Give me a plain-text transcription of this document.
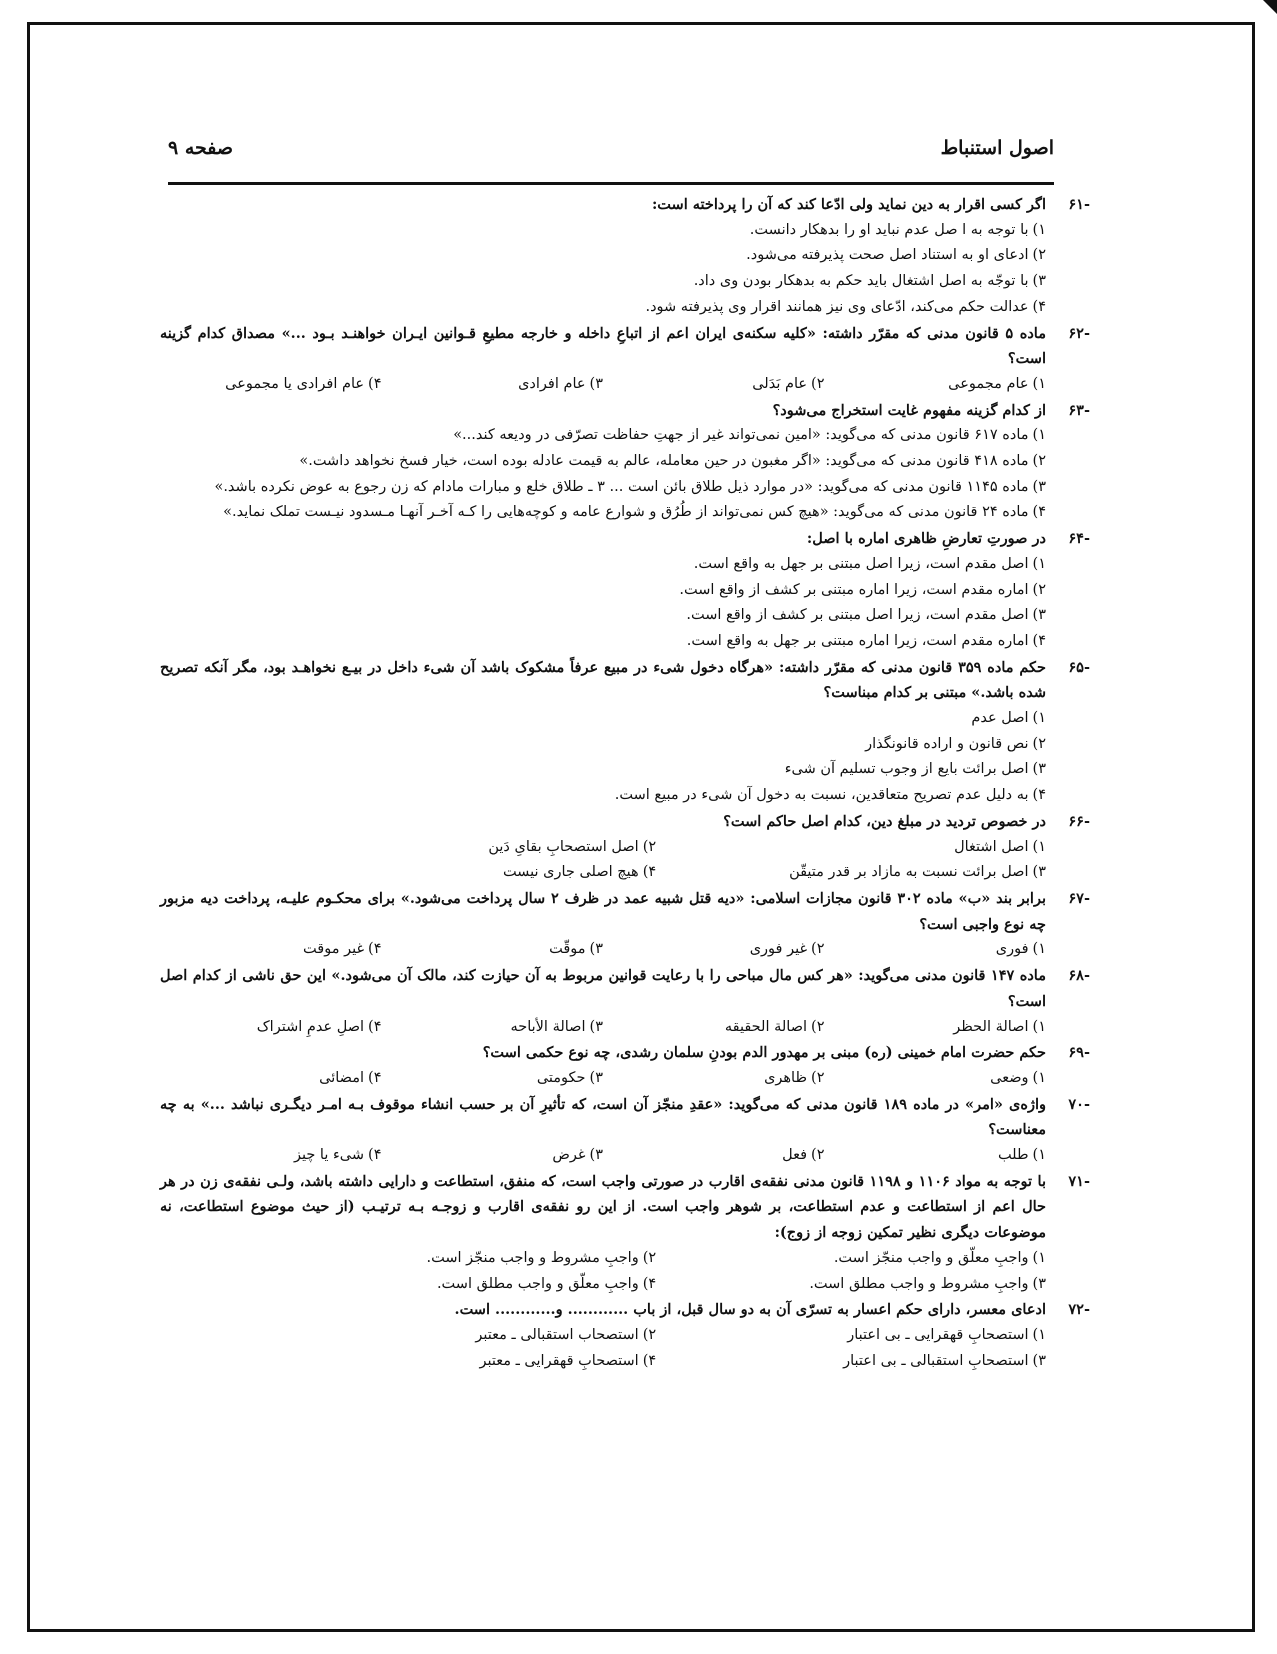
اصول استنباط
صفحه ۹
-۶۱
اگر کسی اقرار به دین نماید ولی ادّعا کند که آن را پرداخته است:
۱)با توجه به ا صل عدم نباید او را بدهکار دانست.
۲)ادعای او به استناد اصل صحت پذیرفته می‌شود.
۳)با توجّه به اصل اشتغال باید حکم به بدهکار بودن وی داد.
۴)عدالت حکم می‌کند، ادّعای وی نیز همانند اقرار وی پذیرفته شود.
-۶۲
ماده ۵ قانون مدنی که مقرّر داشته: «کلیه سکنه‌ی ایران اعم از اتباعِ داخله و خارجه مطیعِ قـوانین ایـران خواهنـد بـود ...» مصداق کدام گزینه است؟
۱)عام مجموعی
۲)عام بَدَلی
۳)عام افرادی
۴)عام افرادی یا مجموعی
-۶۳
از کدام گزینه مفهوم غایت استخراج می‌شود؟
۱)ماده ۶۱۷ قانون مدنی که می‌گوید: «امین نمی‌تواند غیر از جهتِ حفاظت تصرّفی در ودیعه کند...»
۲)ماده ۴۱۸ قانون مدنی که می‌گوید: «اگر مغبون در حین معامله، عالم به قیمت عادله بوده است، خیار فسخ نخواهد داشت.»
۳)ماده ۱۱۴۵ قانون مدنی که می‌گوید: «در موارد ذیل طلاق بائن است ... ۳ ـ طلاق خلع و مبارات مادام که زن رجوع به عوض نکرده باشد.»
۴)ماده ۲۴ قانون مدنی که می‌گوید: «هیچ کس نمی‌تواند از طُرُق و شوارع عامه و کوچه‌هایی را کـه آخـر آنهـا مـسدود نیـست تملک نماید.»
-۶۴
در صورتِ تعارضِ ظاهری اماره با اصل:
۱)اصل مقدم است، زیرا اصل مبتنی بر جهل به واقع است.
۲)اماره مقدم است، زیرا اماره مبتنی بر کشف از واقع است.
۳)اصل مقدم است، زیرا اصل مبتنی بر کشف از واقع است.
۴)اماره مقدم است، زیرا اماره مبتنی بر جهل به واقع است.
-۶۵
حکم ماده ۳۵۹ قانون مدنی که مقرّر داشته: «هرگاه دخول شیء در مبیع عرفاً مشکوک باشد آن شیء داخل در بیـع نخواهـد بود، مگر آنکه تصریح شده باشد.» مبتنی بر کدام مبناست؟
۱)اصل عدم
۲)نص قانون و اراده قانونگذار
۳)اصل برائت بایع از وجوب تسلیم آن شیء
۴)به دلیل عدم تصریح متعاقدین، نسبت به دخول آن شیء در مبیع است.
-۶۶
در خصوص تردید در مبلغ دین، کدام اصل حاکم است؟
۱)اصل اشتغال
۲)اصل استصحابِ بقایِ دَین
۳)اصل برائت نسبت به مازاد بر قدر متیقّن
۴)هیچ اصلی جاری نیست
-۶۷
برابر بند «ب» ماده ۳۰۲ قانون مجازات اسلامی: «دیه قتل شبیه عمد در ظرف ۲ سال پرداخت می‌شود.» برای محکـوم علیـه، پرداخت دیه مزبور چه نوع واجبی است؟
۱)فوری
۲)غیر فوری
۳)موقّت
۴)غیر موقت
-۶۸
ماده ۱۴۷ قانون مدنی می‌گوید: «هر کس مال مباحی را با رعایت قوانین مربوط به آن حیازت کند، مالک آن می‌شود.» این حق ناشی از کدام اصل است؟
۱)اصالة الحظر
۲)اصالة الحقیقه
۳)اصالة الأباحه
۴)اصلِ عدمِ اشتراک
-۶۹
حکم حضرت امام خمینی (ره) مبنی بر مهدور الدم بودنِ سلمان رشدی، چه نوع حکمی است؟
۱)وضعی
۲)ظاهری
۳)حکومتی
۴)امضائی
-۷۰
واژه‌ی «امر» در ماده ۱۸۹ قانون مدنی که می‌گوید: «عقدِ منجّز آن است، که تأثیرِ آن بر حسب انشاء موقوف بـه امـر دیگـری نباشد ...» به چه معناست؟
۱)طلب
۲)فعل
۳)غرض
۴)شیء یا چیز
-۷۱
با توجه به مواد ۱۱۰۶ و ۱۱۹۸ قانون مدنی نفقه‌ی اقارب در صورتی واجب است، که منفق، استطاعت و دارایی داشته باشد، ولـی نفقه‌ی زن در هر حال اعم از استطاعت و عدم استطاعت، بر شوهر واجب است. از این رو نفقه‌ی اقارب و زوجـه بـه ترتیـب (از حیث موضوع استطاعت، نه موضوعات دیگری نظیر تمکین زوجه از زوج):
۱)واجبِ معلّق و واجب منجّز است.
۲)واجبِ مشروط و واجب منجّز است.
۳)واجبِ مشروط و واجب مطلق است.
۴)واجبِ معلّق و واجب مطلق است.
-۷۲
ادعای معسر، دارای حکم اعسار به تسرّی آن به دو سال قبل، از باب ............ و............ است.
۱)استصحابِ قهقرایی ـ بی اعتبار
۲)استصحاب استقبالی ـ معتبر
۳)استصحابِ استقبالی ـ بی اعتبار
۴)استصحابِ قهقرایی ـ معتبر
